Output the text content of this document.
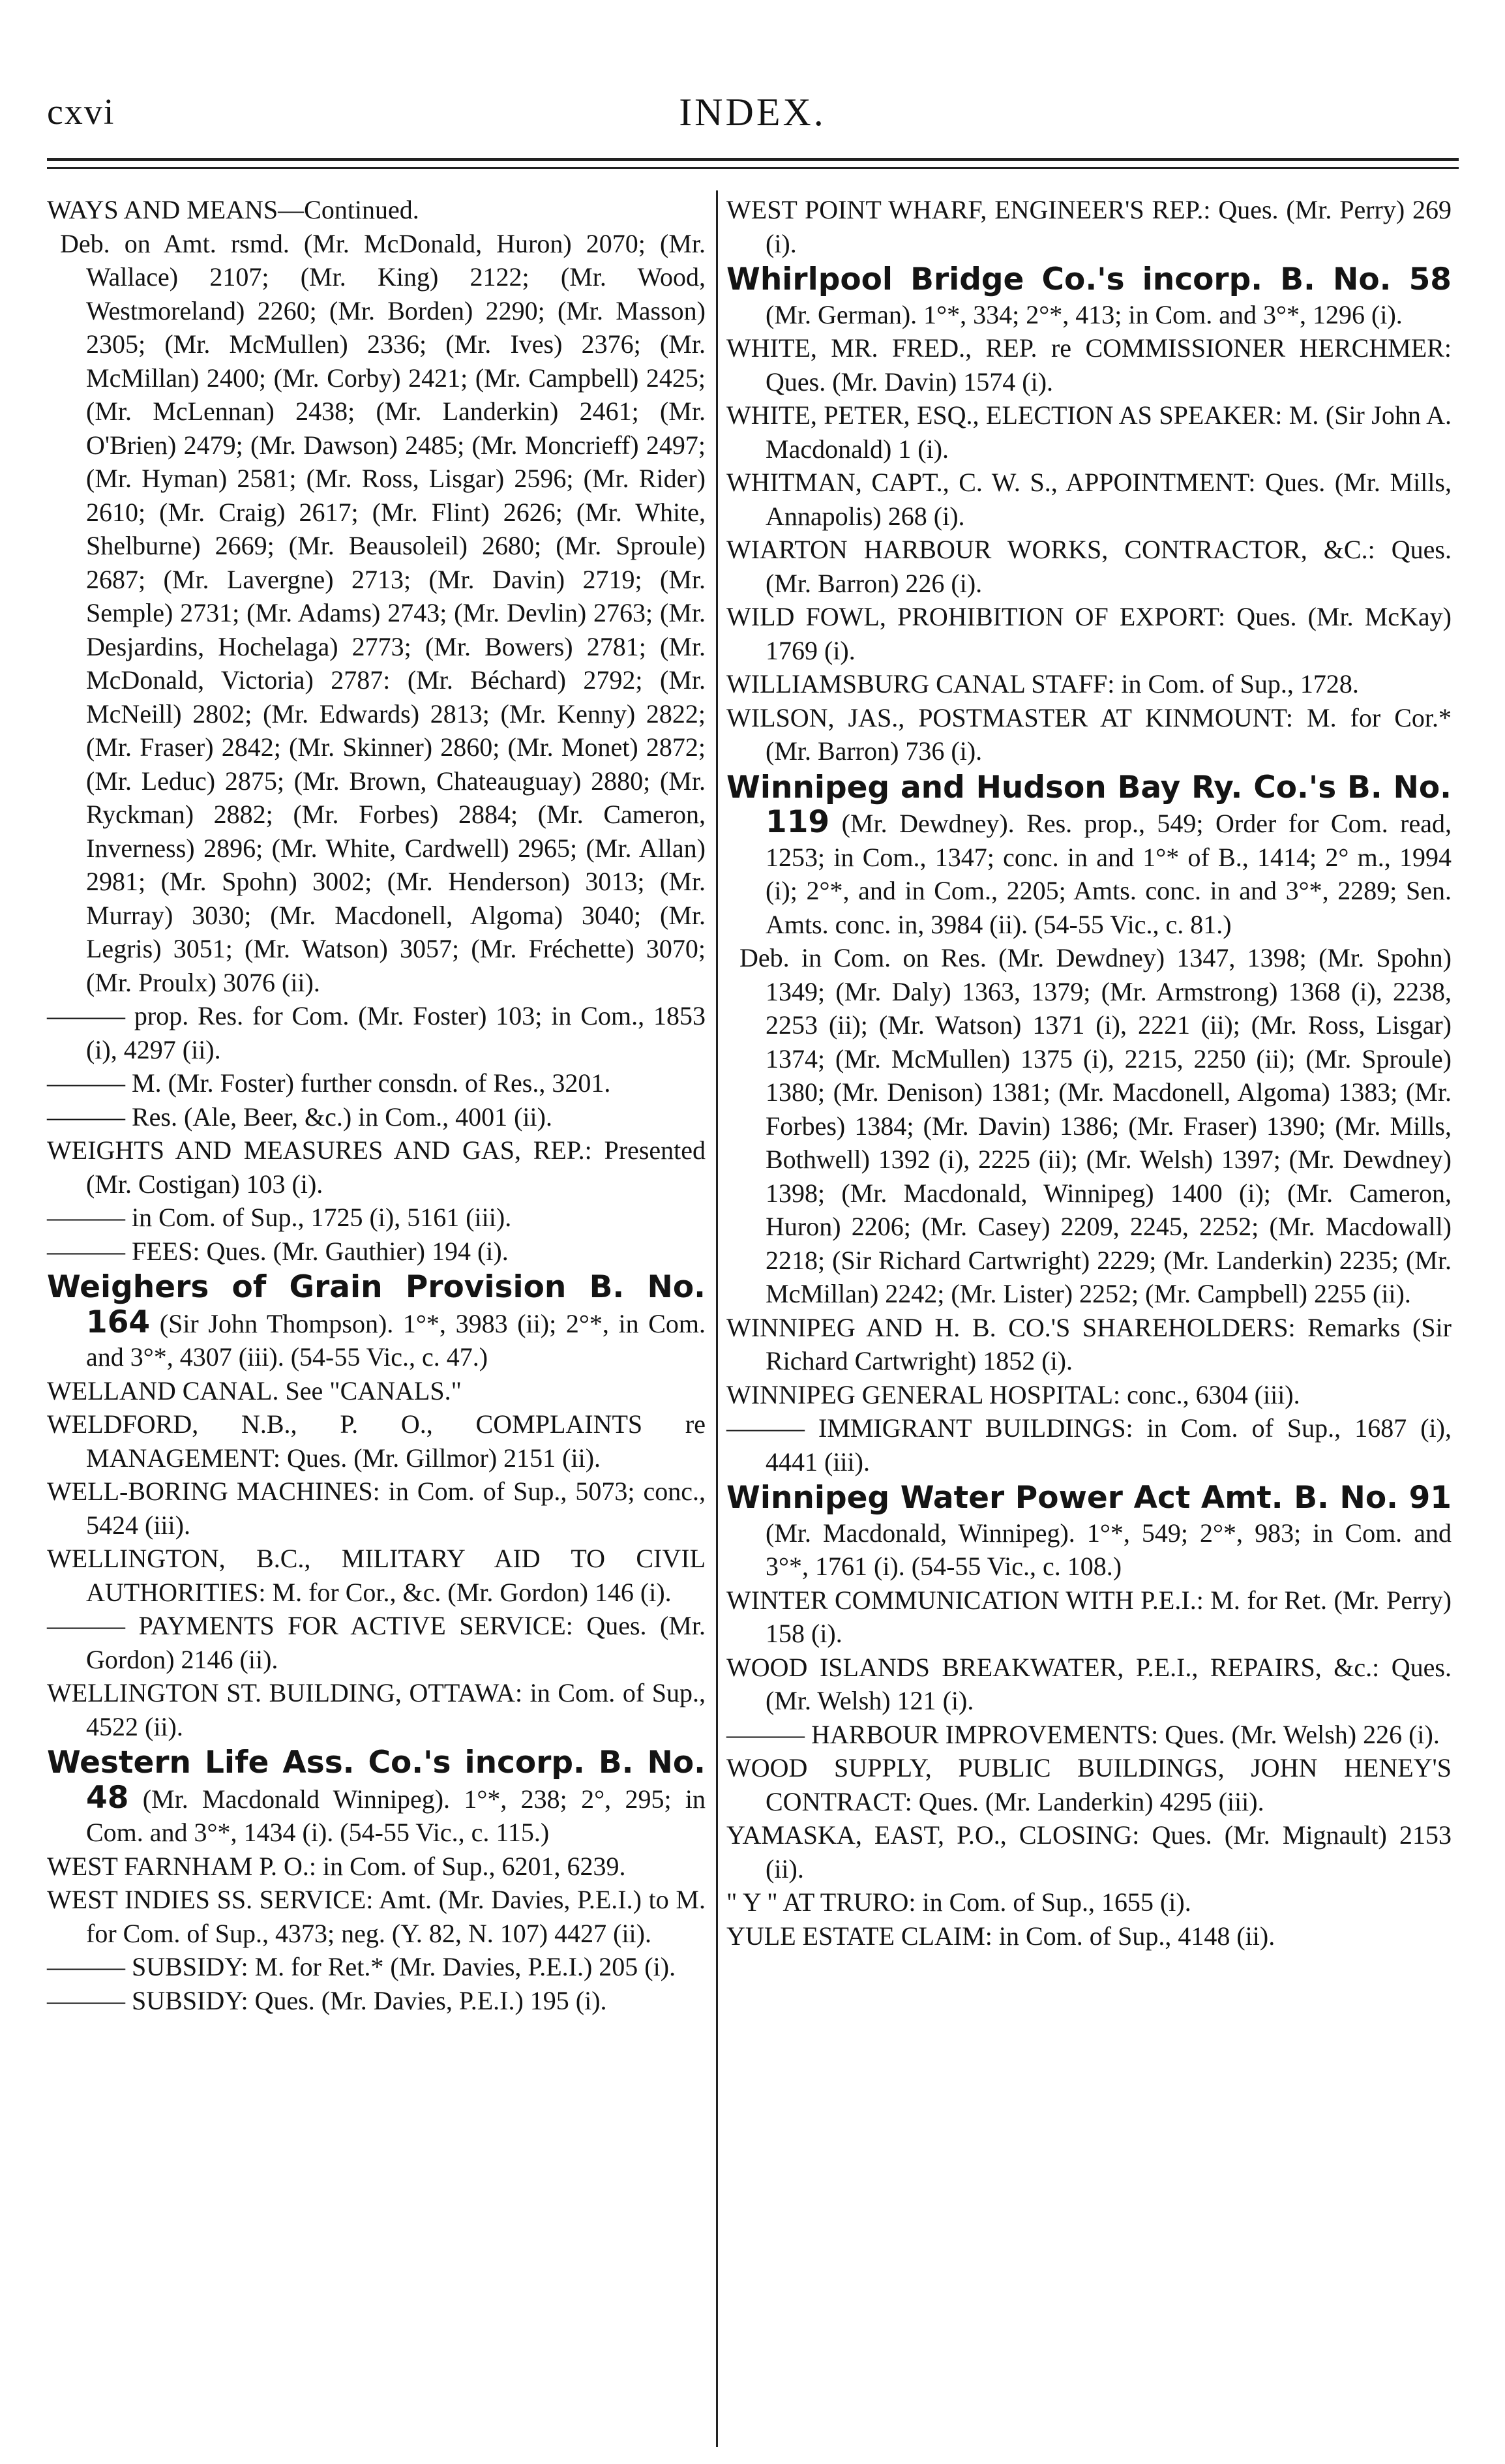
cxvi	INDEX.

WAYS AND MEANS—Continued.

Deb. on Amt. rsmd. (Mr. McDonald, Huron) 2070; (Mr. Wallace) 2107; (Mr. King) 2122; (Mr. Wood, Westmoreland) 2260; (Mr. Borden) 2290; (Mr. Masson) 2305; (Mr. McMullen) 2336; (Mr. Ives) 2376; (Mr. McMillan) 2400; (Mr. Corby) 2421; (Mr. Campbell) 2425; (Mr. McLennan) 2438; (Mr. Landerkin) 2461; (Mr. O'Brien) 2479; (Mr. Dawson) 2485; (Mr. Moncrieff) 2497; (Mr. Hyman) 2581; (Mr. Ross, Lisgar) 2596; (Mr. Rider) 2610; (Mr. Craig) 2617; (Mr. Flint) 2626; (Mr. White, Shelburne) 2669; (Mr. Beausoleil) 2680; (Mr. Sproule) 2687; (Mr. Lavergne) 2713; (Mr. Davin) 2719; (Mr. Semple) 2731; (Mr. Adams) 2743; (Mr. Devlin) 2763; (Mr. Desjardins, Hochelaga) 2773; (Mr. Bowers) 2781; (Mr. McDonald, Victoria) 2787: (Mr. Béchard) 2792; (Mr. McNeill) 2802; (Mr. Edwards) 2813; (Mr. Kenny) 2822; (Mr. Fraser) 2842; (Mr. Skinner) 2860; (Mr. Monet) 2872; (Mr. Leduc) 2875; (Mr. Brown, Chateauguay) 2880; (Mr. Ryckman) 2882; (Mr. Forbes) 2884; (Mr. Cameron, Inverness) 2896; (Mr. White, Cardwell) 2965; (Mr. Allan) 2981; (Mr. Spohn) 3002; (Mr. Henderson) 3013; (Mr. Murray) 3030; (Mr. Macdonell, Algoma) 3040; (Mr. Legris) 3051; (Mr. Watson) 3057; (Mr. Fréchette) 3070; (Mr. Proulx) 3076 (ii).

——— prop. Res. for Com. (Mr. Foster) 103; in Com., 1853 (i), 4297 (ii).

——— M. (Mr. Foster) further consdn. of Res., 3201.

——— Res. (Ale, Beer, &c.) in Com., 4001 (ii).

WEIGHTS AND MEASURES AND GAS, REP.: Presented (Mr. Costigan) 103 (i).

——— in Com. of Sup., 1725 (i), 5161 (iii).

——— FEES: Ques. (Mr. Gauthier) 194 (i).

Weighers of Grain Provision B. No. 164 (Sir John Thompson). 1°*, 3983 (ii); 2°*, in Com. and 3°*, 4307 (iii). (54-55 Vic., c. 47.)

WELLAND CANAL. See "CANALS."

WELDFORD, N.B., P. O., COMPLAINTS re MANAGEMENT: Ques. (Mr. Gillmor) 2151 (ii).

WELL-BORING MACHINES: in Com. of Sup., 5073; conc., 5424 (iii).

WELLINGTON, B.C., MILITARY AID TO CIVIL AUTHORITIES: M. for Cor., &c. (Mr. Gordon) 146 (i).

——— PAYMENTS FOR ACTIVE SERVICE: Ques. (Mr. Gordon) 2146 (ii).

WELLINGTON ST. BUILDING, OTTAWA: in Com. of Sup., 4522 (ii).

Western Life Ass. Co.'s incorp. B. No. 48 (Mr. Macdonald Winnipeg). 1°*, 238; 2°, 295; in Com. and 3°*, 1434 (i). (54-55 Vic., c. 115.)

WEST FARNHAM P. O.: in Com. of Sup., 6201, 6239.

WEST INDIES SS. SERVICE: Amt. (Mr. Davies, P.E.I.) to M. for Com. of Sup., 4373; neg. (Y. 82, N. 107) 4427 (ii).

——— SUBSIDY: M. for Ret.* (Mr. Davies, P.E.I.) 205 (i).

——— SUBSIDY: Ques. (Mr. Davies, P.E.I.) 195 (i).

WEST POINT WHARF, ENGINEER'S REP.: Ques. (Mr. Perry) 269 (i).

Whirlpool Bridge Co.'s incorp. B. No. 58 (Mr. German). 1°*, 334; 2°*, 413; in Com. and 3°*, 1296 (i).

WHITE, MR. FRED., REP. re COMMISSIONER HERCHMER: Ques. (Mr. Davin) 1574 (i).

WHITE, PETER, ESQ., ELECTION AS SPEAKER: M. (Sir John A. Macdonald) 1 (i).

WHITMAN, CAPT., C. W. S., APPOINTMENT: Ques. (Mr. Mills, Annapolis) 268 (i).

WIARTON HARBOUR WORKS, CONTRACTOR, &C.: Ques. (Mr. Barron) 226 (i).

WILD FOWL, PROHIBITION OF EXPORT: Ques. (Mr. McKay) 1769 (i).

WILLIAMSBURG CANAL STAFF: in Com. of Sup., 1728.

WILSON, JAS., POSTMASTER AT KINMOUNT: M. for Cor.* (Mr. Barron) 736 (i).

Winnipeg and Hudson Bay Ry. Co.'s B. No. 119 (Mr. Dewdney). Res. prop., 549; Order for Com. read, 1253; in Com., 1347; conc. in and 1°* of B., 1414; 2° m., 1994 (i); 2°*, and in Com., 2205; Amts. conc. in and 3°*, 2289; Sen. Amts. conc. in, 3984 (ii). (54-55 Vic., c. 81.)

Deb. in Com. on Res. (Mr. Dewdney) 1347, 1398; (Mr. Spohn) 1349; (Mr. Daly) 1363, 1379; (Mr. Armstrong) 1368 (i), 2238, 2253 (ii); (Mr. Watson) 1371 (i), 2221 (ii); (Mr. Ross, Lisgar) 1374; (Mr. McMullen) 1375 (i), 2215, 2250 (ii); (Mr. Sproule) 1380; (Mr. Denison) 1381; (Mr. Macdonell, Algoma) 1383; (Mr. Forbes) 1384; (Mr. Davin) 1386; (Mr. Fraser) 1390; (Mr. Mills, Bothwell) 1392 (i), 2225 (ii); (Mr. Welsh) 1397; (Mr. Dewdney) 1398; (Mr. Macdonald, Winnipeg) 1400 (i); (Mr. Cameron, Huron) 2206; (Mr. Casey) 2209, 2245, 2252; (Mr. Macdowall) 2218; (Sir Richard Cartwright) 2229; (Mr. Landerkin) 2235; (Mr. McMillan) 2242; (Mr. Lister) 2252; (Mr. Campbell) 2255 (ii).

WINNIPEG AND H. B. CO.'S SHAREHOLDERS: Remarks (Sir Richard Cartwright) 1852 (i).

WINNIPEG GENERAL HOSPITAL: conc., 6304 (iii).

——— IMMIGRANT BUILDINGS: in Com. of Sup., 1687 (i), 4441 (iii).

Winnipeg Water Power Act Amt. B. No. 91 (Mr. Macdonald, Winnipeg). 1°*, 549; 2°*, 983; in Com. and 3°*, 1761 (i). (54-55 Vic., c. 108.)

WINTER COMMUNICATION WITH P.E.I.: M. for Ret. (Mr. Perry) 158 (i).

WOOD ISLANDS BREAKWATER, P.E.I., REPAIRS, &c.: Ques. (Mr. Welsh) 121 (i).

——— HARBOUR IMPROVEMENTS: Ques. (Mr. Welsh) 226 (i).

WOOD SUPPLY, PUBLIC BUILDINGS, JOHN HENEY'S CONTRACT: Ques. (Mr. Landerkin) 4295 (iii).

YAMASKA, EAST, P.O., CLOSING: Ques. (Mr. Mignault) 2153 (ii).

" Y " AT TRURO: in Com. of Sup., 1655 (i).

YULE ESTATE CLAIM: in Com. of Sup., 4148 (ii).
